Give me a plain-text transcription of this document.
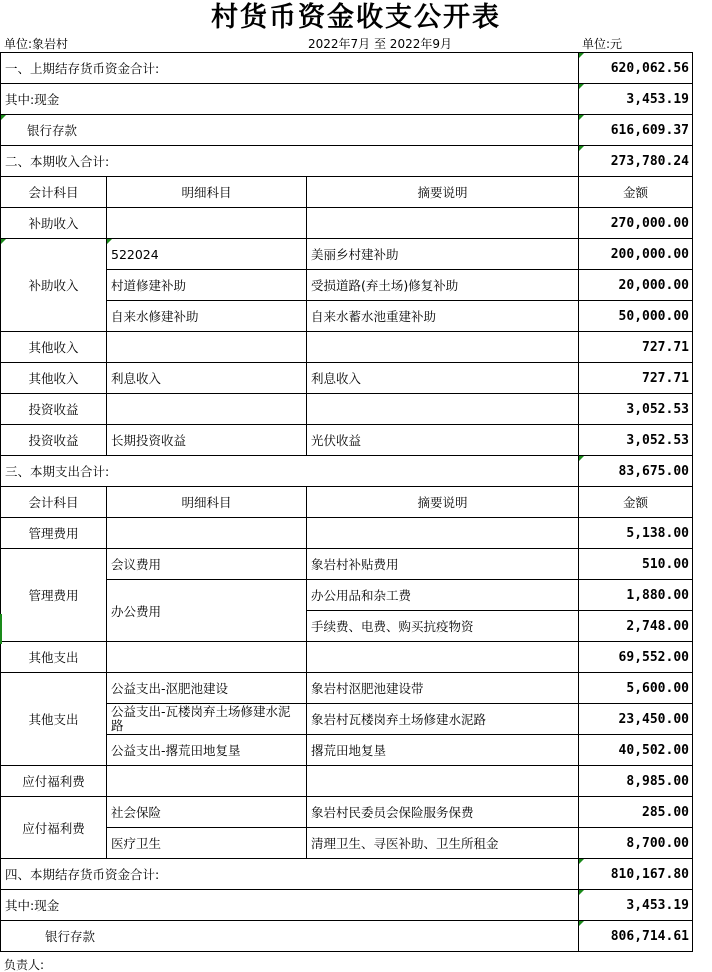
村货币资金收支公开表
单位:象岩村	2022年7月 至 2022年9月	单位:元
一、上期结存货币资金合计:			620,062.56
其中:现金			3,453.19
银行存款			616,609.37
二、本期收入合计:			273,780.24
会计科目	明细科目	摘要说明	金额
补助收入			270,000.00
补助收入	522024	美丽乡村建补助	200,000.00
	村道修建补助	受损道路(弃土场)修复补助	20,000.00
	自来水修建补助	自来水蓄水池重建补助	50,000.00
其他收入			727.71
其他收入	利息收入	利息收入	727.71
投资收益			3,052.53
投资收益	长期投资收益	光伏收益	3,052.53
三、本期支出合计:			83,675.00
会计科目	明细科目	摘要说明	金额
管理费用			5,138.00
管理费用	会议费用	象岩村补贴费用	510.00
	办公费用	办公用品和杂工费	1,880.00
		手续费、电费、购买抗疫物资	2,748.00
其他支出			69,552.00
其他支出	公益支出-沤肥池建设	象岩村沤肥池建设带	5,600.00
	公益支出-瓦楼岗弃土场修建水泥路	象岩村瓦楼岗弃土场修建水泥路	23,450.00
	公益支出-撂荒田地复垦	撂荒田地复垦	40,502.00
应付福利费			8,985.00
应付福利费	社会保险	象岩村民委员会保险服务保费	285.00
	医疗卫生	清理卫生、寻医补助、卫生所租金	8,700.00
四、本期结存货币资金合计:			810,167.80
其中:现金			3,453.19
银行存款			806,714.61
负责人:
